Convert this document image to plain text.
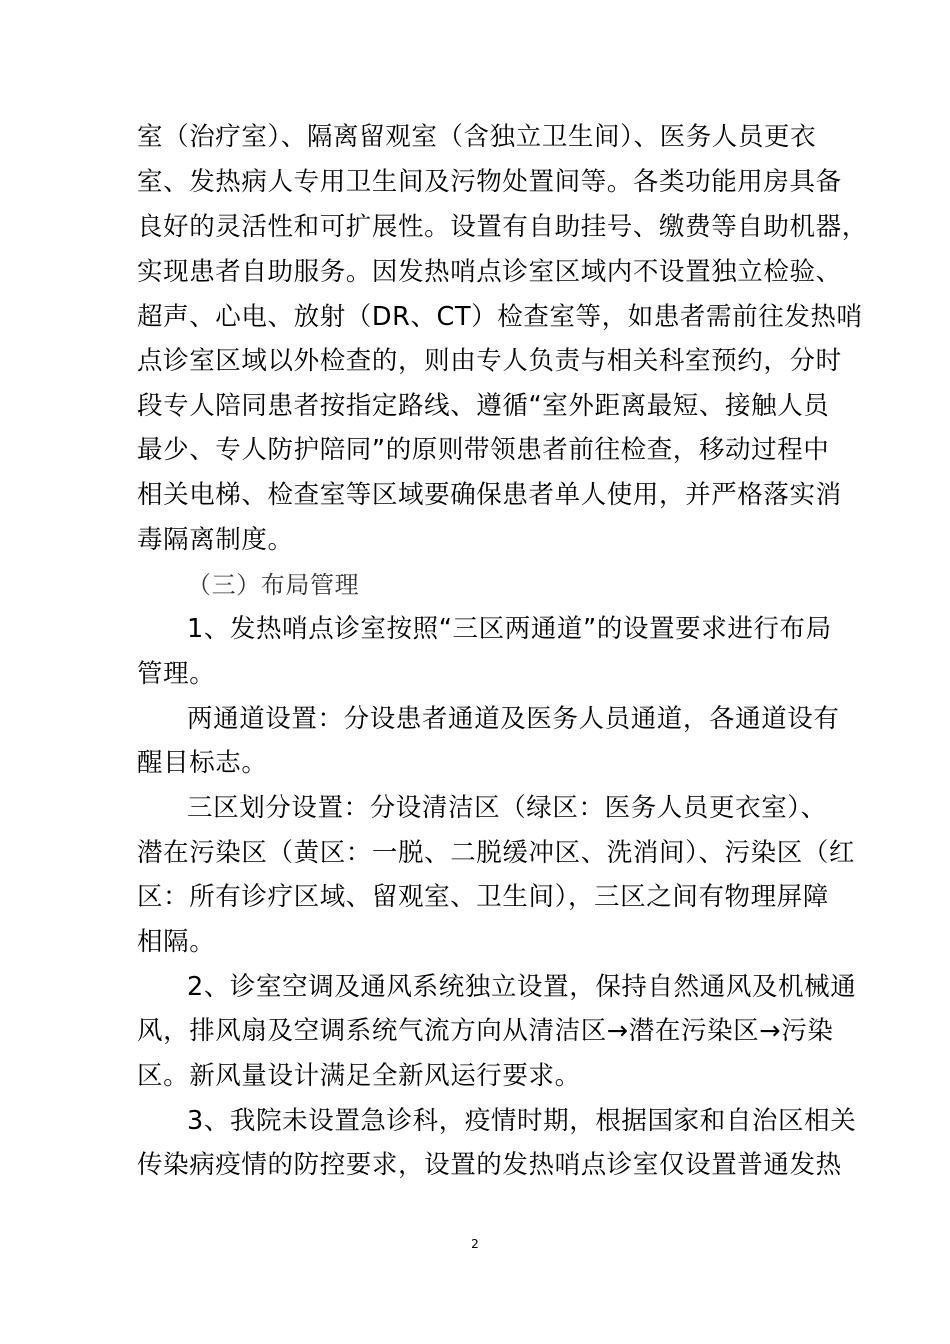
室（治疗室）、隔离留观室（含独立卫生间）、医务人员更衣
室、发热病人专用卫生间及污物处置间等。各类功能用房具备
良好的灵活性和可扩展性。设置有自助挂号、缴费等自助机器，
实现患者自助服务。因发热哨点诊室区域内不设置独立检验、
超声、心电、放射（DR、CT）检查室等，如患者需前往发热哨
点诊室区域以外检查的，则由专人负责与相关科室预约，分时
段专人陪同患者按指定路线、遵循“室外距离最短、接触人员
最少、专人防护陪同”的原则带领患者前往检查，移动过程中
相关电梯、检查室等区域要确保患者单人使用，并严格落实消
毒隔离制度。
（三）布局管理
1、发热哨点诊室按照“三区两通道”的设置要求进行布局
管理。
两通道设置：分设患者通道及医务人员通道，各通道设有
醒目标志。
三区划分设置：分设清洁区（绿区：医务人员更衣室）、
潜在污染区（黄区：一脱、二脱缓冲区、洗消间）、污染区（红
区：所有诊疗区域、留观室、卫生间），三区之间有物理屏障
相隔。
2、诊室空调及通风系统独立设置，保持自然通风及机械通
风，排风扇及空调系统气流方向从清洁区→潜在污染区→污染
区。新风量设计满足全新风运行要求。
3、我院未设置急诊科，疫情时期，根据国家和自治区相关
传染病疫情的防控要求，设置的发热哨点诊室仅设置普通发热
2
